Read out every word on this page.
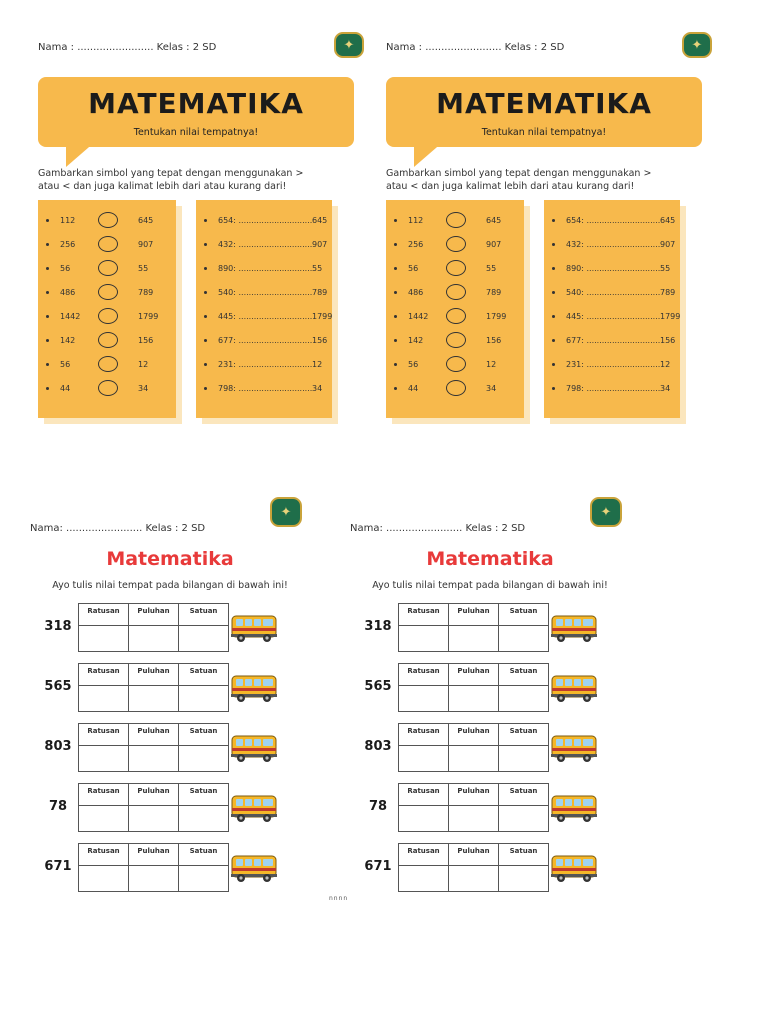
Nama : ........................ Kelas : 2 SD	✦
MATEMATIKA
Tentukan nilai tempatnya!
Gambarkan simbol yang tepat dengan menggunakan >
atau < dan juga kalimat lebih dari atau kurang dari!
112	645
256	907
56	55
486	789
1442	1799
142	156
56	12
44	34
654: ............................. 645
432: ............................. 907
890: ............................. 55
540: ............................. 789
445: ............................. 1799
677: ............................. 156
231: ............................. 12
798: ............................. 34
Nama : ........................ Kelas : 2 SD	✦
MATEMATIKA
Tentukan nilai tempatnya!
Gambarkan simbol yang tepat dengan menggunakan >
atau < dan juga kalimat lebih dari atau kurang dari!
112	645
256	907
56	55
486	789
1442	1799
142	156
56	12
44	34
654: ............................. 645
432: ............................. 907
890: ............................. 55
540: ............................. 789
445: ............................. 1799
677: ............................. 156
231: ............................. 12
798: ............................. 34
Nama: ........................ Kelas : 2 SD
✦
Matematika
Ayo tulis nilai tempat pada bilangan di bawah ini!
318
Ratusan	Puluhan	Satuan

565
Ratusan	Puluhan	Satuan

803
Ratusan	Puluhan	Satuan

78
Ratusan	Puluhan	Satuan

671
Ratusan	Puluhan	Satuan

Nama: ........................ Kelas : 2 SD
✦
Matematika
Ayo tulis nilai tempat pada bilangan di bawah ini!
318
Ratusan	Puluhan	Satuan

565
Ratusan	Puluhan	Satuan

803
Ratusan	Puluhan	Satuan

78
Ratusan	Puluhan	Satuan

671
Ratusan	Puluhan	Satuan

nnnn
